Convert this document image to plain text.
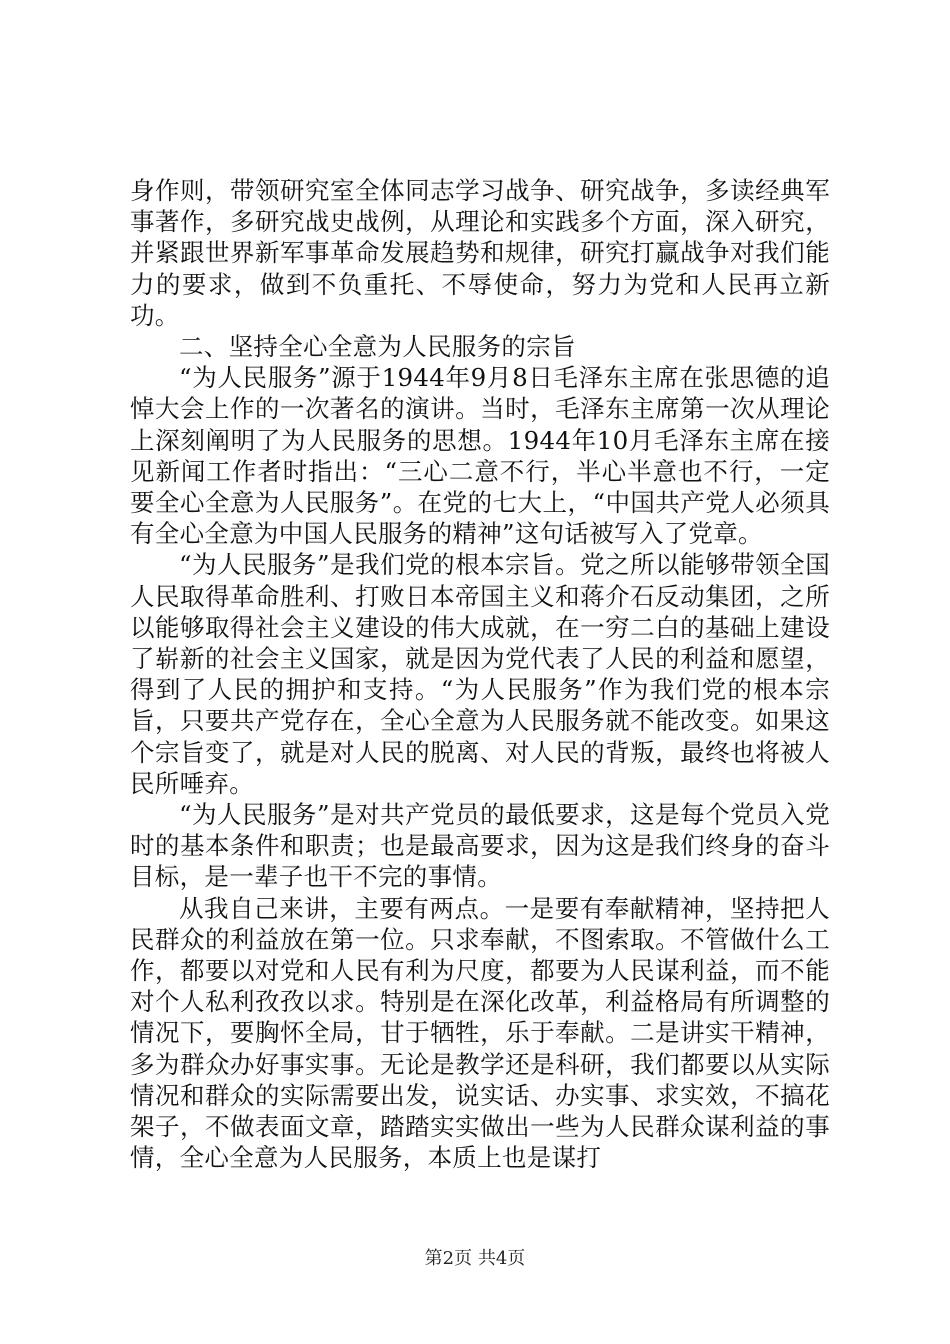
身作则，带领研究室全体同志学习战争、研究战争，多读经典军事著作，多研究战史战例，从理论和实践多个方面，深入研究，并紧跟世界新军事革命发展趋势和规律，研究打赢战争对我们能力的要求，做到不负重托、不辱使命，努力为党和人民再立新功。

二、坚持全心全意为人民服务的宗旨

“为人民服务”源于1944年9月8日毛泽东主席在张思德的追悼大会上作的一次著名的演讲。当时，毛泽东主席第一次从理论上深刻阐明了为人民服务的思想。1944年10月毛泽东主席在接见新闻工作者时指出：“三心二意不行，半心半意也不行，一定要全心全意为人民服务”。在党的七大上，“中国共产党人必须具有全心全意为中国人民服务的精神”这句话被写入了党章。

“为人民服务”是我们党的根本宗旨。党之所以能够带领全国人民取得革命胜利、打败日本帝国主义和蒋介石反动集团，之所以能够取得社会主义建设的伟大成就，在一穷二白的基础上建设了崭新的社会主义国家，就是因为党代表了人民的利益和愿望，得到了人民的拥护和支持。“为人民服务”作为我们党的根本宗旨，只要共产党存在，全心全意为人民服务就不能改变。如果这个宗旨变了，就是对人民的脱离、对人民的背叛，最终也将被人民所唾弃。

“为人民服务”是对共产党员的最低要求，这是每个党员入党时的基本条件和职责；也是最高要求，因为这是我们终身的奋斗目标，是一辈子也干不完的事情。

从我自己来讲，主要有两点。一是要有奉献精神，坚持把人民群众的利益放在第一位。只求奉献，不图索取。不管做什么工作，都要以对党和人民有利为尺度，都要为人民谋利益，而不能对个人私利孜孜以求。特别是在深化改革，利益格局有所调整的情况下，要胸怀全局，甘于牺牲，乐于奉献。二是讲实干精神，多为群众办好事实事。无论是教学还是科研，我们都要以从实际情况和群众的实际需要出发，说实话、办实事、求实效，不搞花架子，不做表面文章，踏踏实实做出一些为人民群众谋利益的事情，全心全意为人民服务，本质上也是谋打

第2页 共4页
